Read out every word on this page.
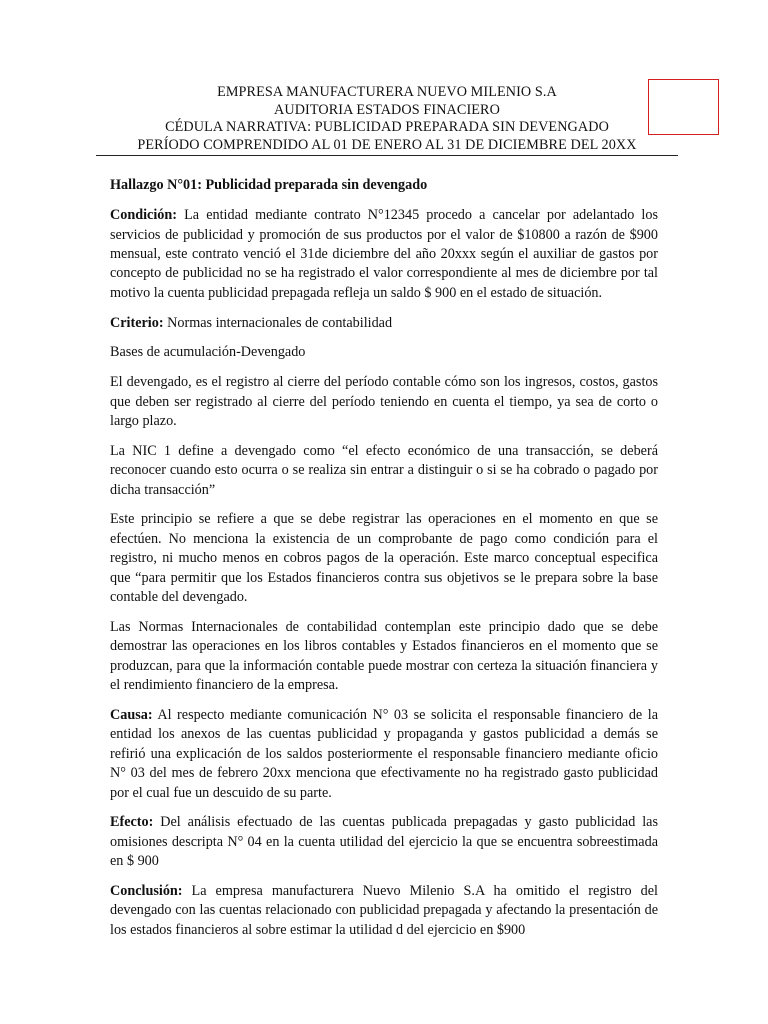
EMPRESA MANUFACTURERA NUEVO MILENIO S.A
AUDITORIA ESTADOS FINACIERO
CÉDULA NARRATIVA: PUBLICIDAD PREPARADA SIN DEVENGADO
PERÍODO COMPRENDIDO AL 01 DE ENERO AL 31 DE DICIEMBRE DEL 20XX

Hallazgo N°01: Publicidad preparada sin devengado

Condición: La entidad mediante contrato N°12345 procedo a cancelar por adelantado los servicios de publicidad y promoción de sus productos por el valor de $10800 a razón de $900 mensual, este contrato venció el 31de diciembre del año 20xxx según el auxiliar de gastos por concepto de publicidad no se ha registrado el valor correspondiente al mes de diciembre por tal motivo la cuenta publicidad prepagada refleja un saldo $ 900 en el estado de situación.

Criterio: Normas internacionales de contabilidad

Bases de acumulación-Devengado

El devengado, es el registro al cierre del período contable cómo son los ingresos, costos, gastos que deben ser registrado al cierre del período teniendo en cuenta el tiempo, ya sea de corto o largo plazo.

La NIC 1 define a devengado como “el efecto económico de una transacción, se deberá reconocer cuando esto ocurra o se realiza sin entrar a distinguir o si se ha cobrado o pagado por dicha transacción”

Este principio se refiere a que se debe registrar las operaciones en el momento en que se efectúen. No menciona la existencia de un comprobante de pago como condición para el registro, ni mucho menos en cobros pagos de la operación. Este marco conceptual especifica que “para permitir que los Estados financieros contra sus objetivos se le prepara sobre la base contable del devengado.

Las Normas Internacionales de contabilidad contemplan este principio dado que se debe demostrar las operaciones en los libros contables y Estados financieros en el momento que se produzcan, para que la información contable puede mostrar con certeza la situación financiera y el rendimiento financiero de la empresa.

Causa: Al respecto mediante comunicación N° 03 se solicita el responsable financiero de la entidad los anexos de las cuentas publicidad y propaganda y gastos publicidad a demás se refirió una explicación de los saldos posteriormente el responsable financiero mediante oficio N° 03 del mes de febrero 20xx menciona que efectivamente no ha registrado gasto publicidad por el cual fue un descuido de su parte.

Efecto: Del análisis efectuado de las cuentas publicada prepagadas y gasto publicidad las omisiones descripta N° 04 en la cuenta utilidad del ejercicio la que se encuentra sobreestimada en $ 900

Conclusión: La empresa manufacturera Nuevo Milenio S.A ha omitido el registro del devengado con las cuentas relacionado con publicidad prepagada y afectando la presentación de los estados financieros al sobre estimar la utilidad d del ejercicio en $900
